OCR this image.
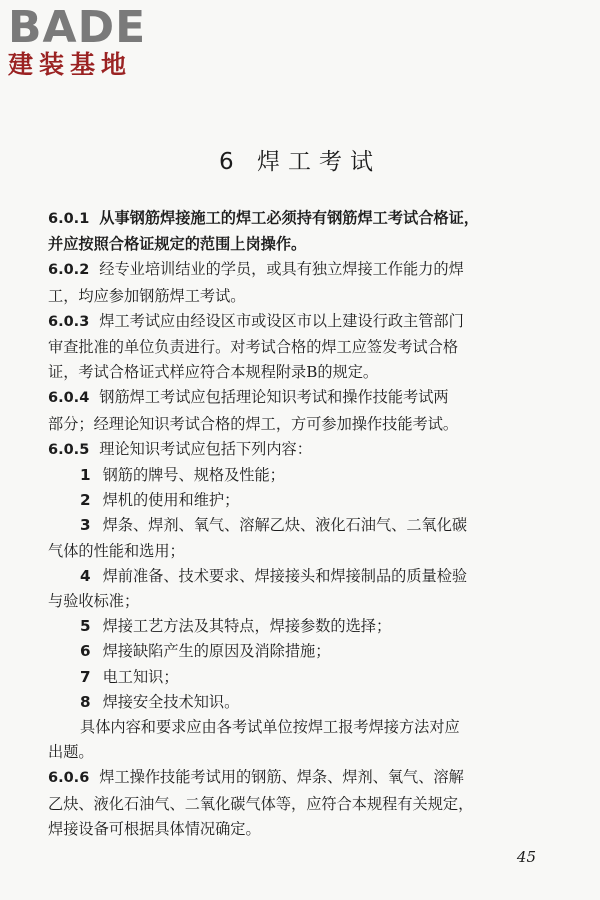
BADE
建装基地
6 焊工考试
6.0.1 从事钢筋焊接施工的焊工必须持有钢筋焊工考试合格证，
并应按照合格证规定的范围上岗操作。
6.0.2 经专业培训结业的学员，或具有独立焊接工作能力的焊
工，均应参加钢筋焊工考试。
6.0.3 焊工考试应由经设区市或设区市以上建设行政主管部门
审查批准的单位负责进行。对考试合格的焊工应签发考试合格
证，考试合格证式样应符合本规程附录B的规定。
6.0.4 钢筋焊工考试应包括理论知识考试和操作技能考试两
部分；经理论知识考试合格的焊工，方可参加操作技能考试。
6.0.5 理论知识考试应包括下列内容：
1 钢筋的牌号、规格及性能；
2 焊机的使用和维护；
3 焊条、焊剂、氧气、溶解乙炔、液化石油气、二氧化碳
气体的性能和选用；
4 焊前准备、技术要求、焊接接头和焊接制品的质量检验
与验收标准；
5 焊接工艺方法及其特点，焊接参数的选择；
6 焊接缺陷产生的原因及消除措施；
7 电工知识；
8 焊接安全技术知识。
具体内容和要求应由各考试单位按焊工报考焊接方法对应
出题。
6.0.6 焊工操作技能考试用的钢筋、焊条、焊剂、氧气、溶解
乙炔、液化石油气、二氧化碳气体等，应符合本规程有关规定，
焊接设备可根据具体情况确定。
45
